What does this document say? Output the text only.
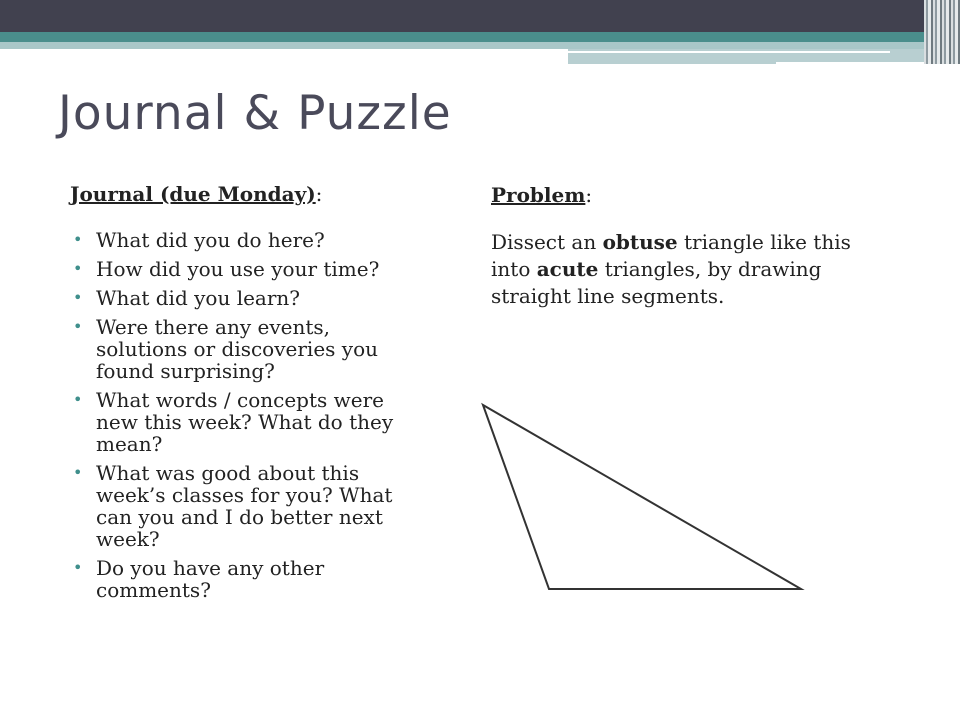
Journal & Puzzle

Journal (due Monday):

• What did you do here?
• How did you use your time?
• What did you learn?
• Were there any events, solutions or discoveries you found surprising?
• What words / concepts were new this week? What do they mean?
• What was good about this week’s classes for you? What can you and I do better next week?
• Do you have any other comments?

Problem:

Dissect an obtuse triangle like this into acute triangles, by drawing straight line segments.
